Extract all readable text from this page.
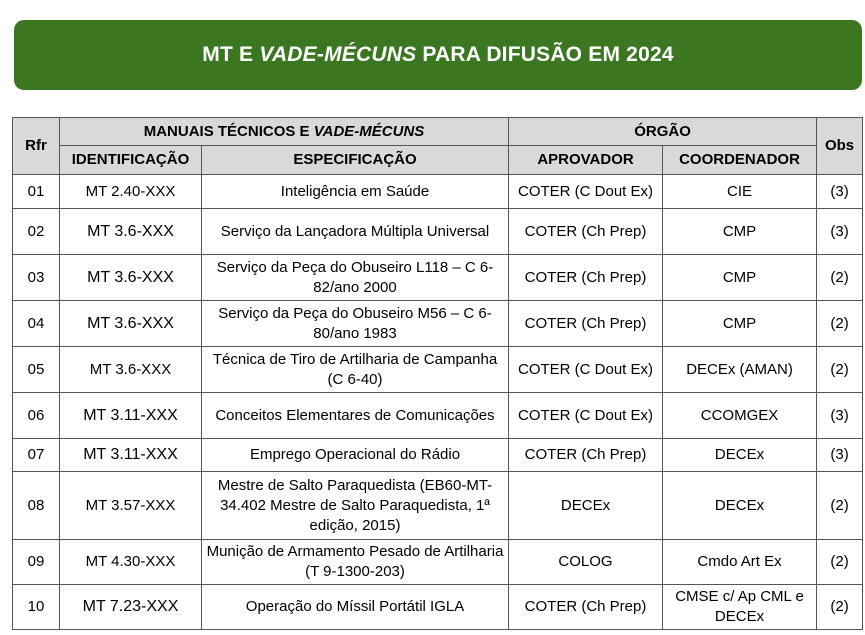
MT E VADE-MÉCUNS PARA DIFUSÃO EM 2024
Rfr	MANUAIS TÉCNICOS E VADE-MÉCUNS		ÓRGÃO		Obs
	IDENTIFICAÇÃO	ESPECIFICAÇÃO	APROVADOR	COORDENADOR	
01	MT 2.40-XXX	Inteligência em Saúde	COTER (C Dout Ex)	CIE	(3)
02	MT 3.6-XXX	Serviço da Lançadora Múltipla Universal	COTER (Ch Prep)	CMP	(3)
03	MT 3.6-XXX	Serviço da Peça do Obuseiro L118 – C 6-82/ano 2000	COTER (Ch Prep)	CMP	(2)
04	MT 3.6-XXX	Serviço da Peça do Obuseiro M56 – C 6-80/ano 1983	COTER (Ch Prep)	CMP	(2)
05	MT 3.6-XXX	Técnica de Tiro de Artilharia de Campanha (C 6-40)	COTER (C Dout Ex)	DECEx (AMAN)	(2)
06	MT 3.11-XXX	Conceitos Elementares de Comunicações	COTER (C Dout Ex)	CCOMGEX	(3)
07	MT 3.11-XXX	Emprego Operacional do Rádio	COTER (Ch Prep)	DECEx	(3)
08	MT 3.57-XXX	Mestre de Salto Paraquedista (EB60-MT-34.402 Mestre de Salto Paraquedista, 1ª edição, 2015)	DECEx	DECEx	(2)
09	MT 4.30-XXX	Munição de Armamento Pesado de Artilharia (T 9-1300-203)	COLOG	Cmdo Art Ex	(2)
10	MT 7.23-XXX	Operação do Míssil Portátil IGLA	COTER (Ch Prep)	CMSE c/ Ap CML e DECEx	(2)
